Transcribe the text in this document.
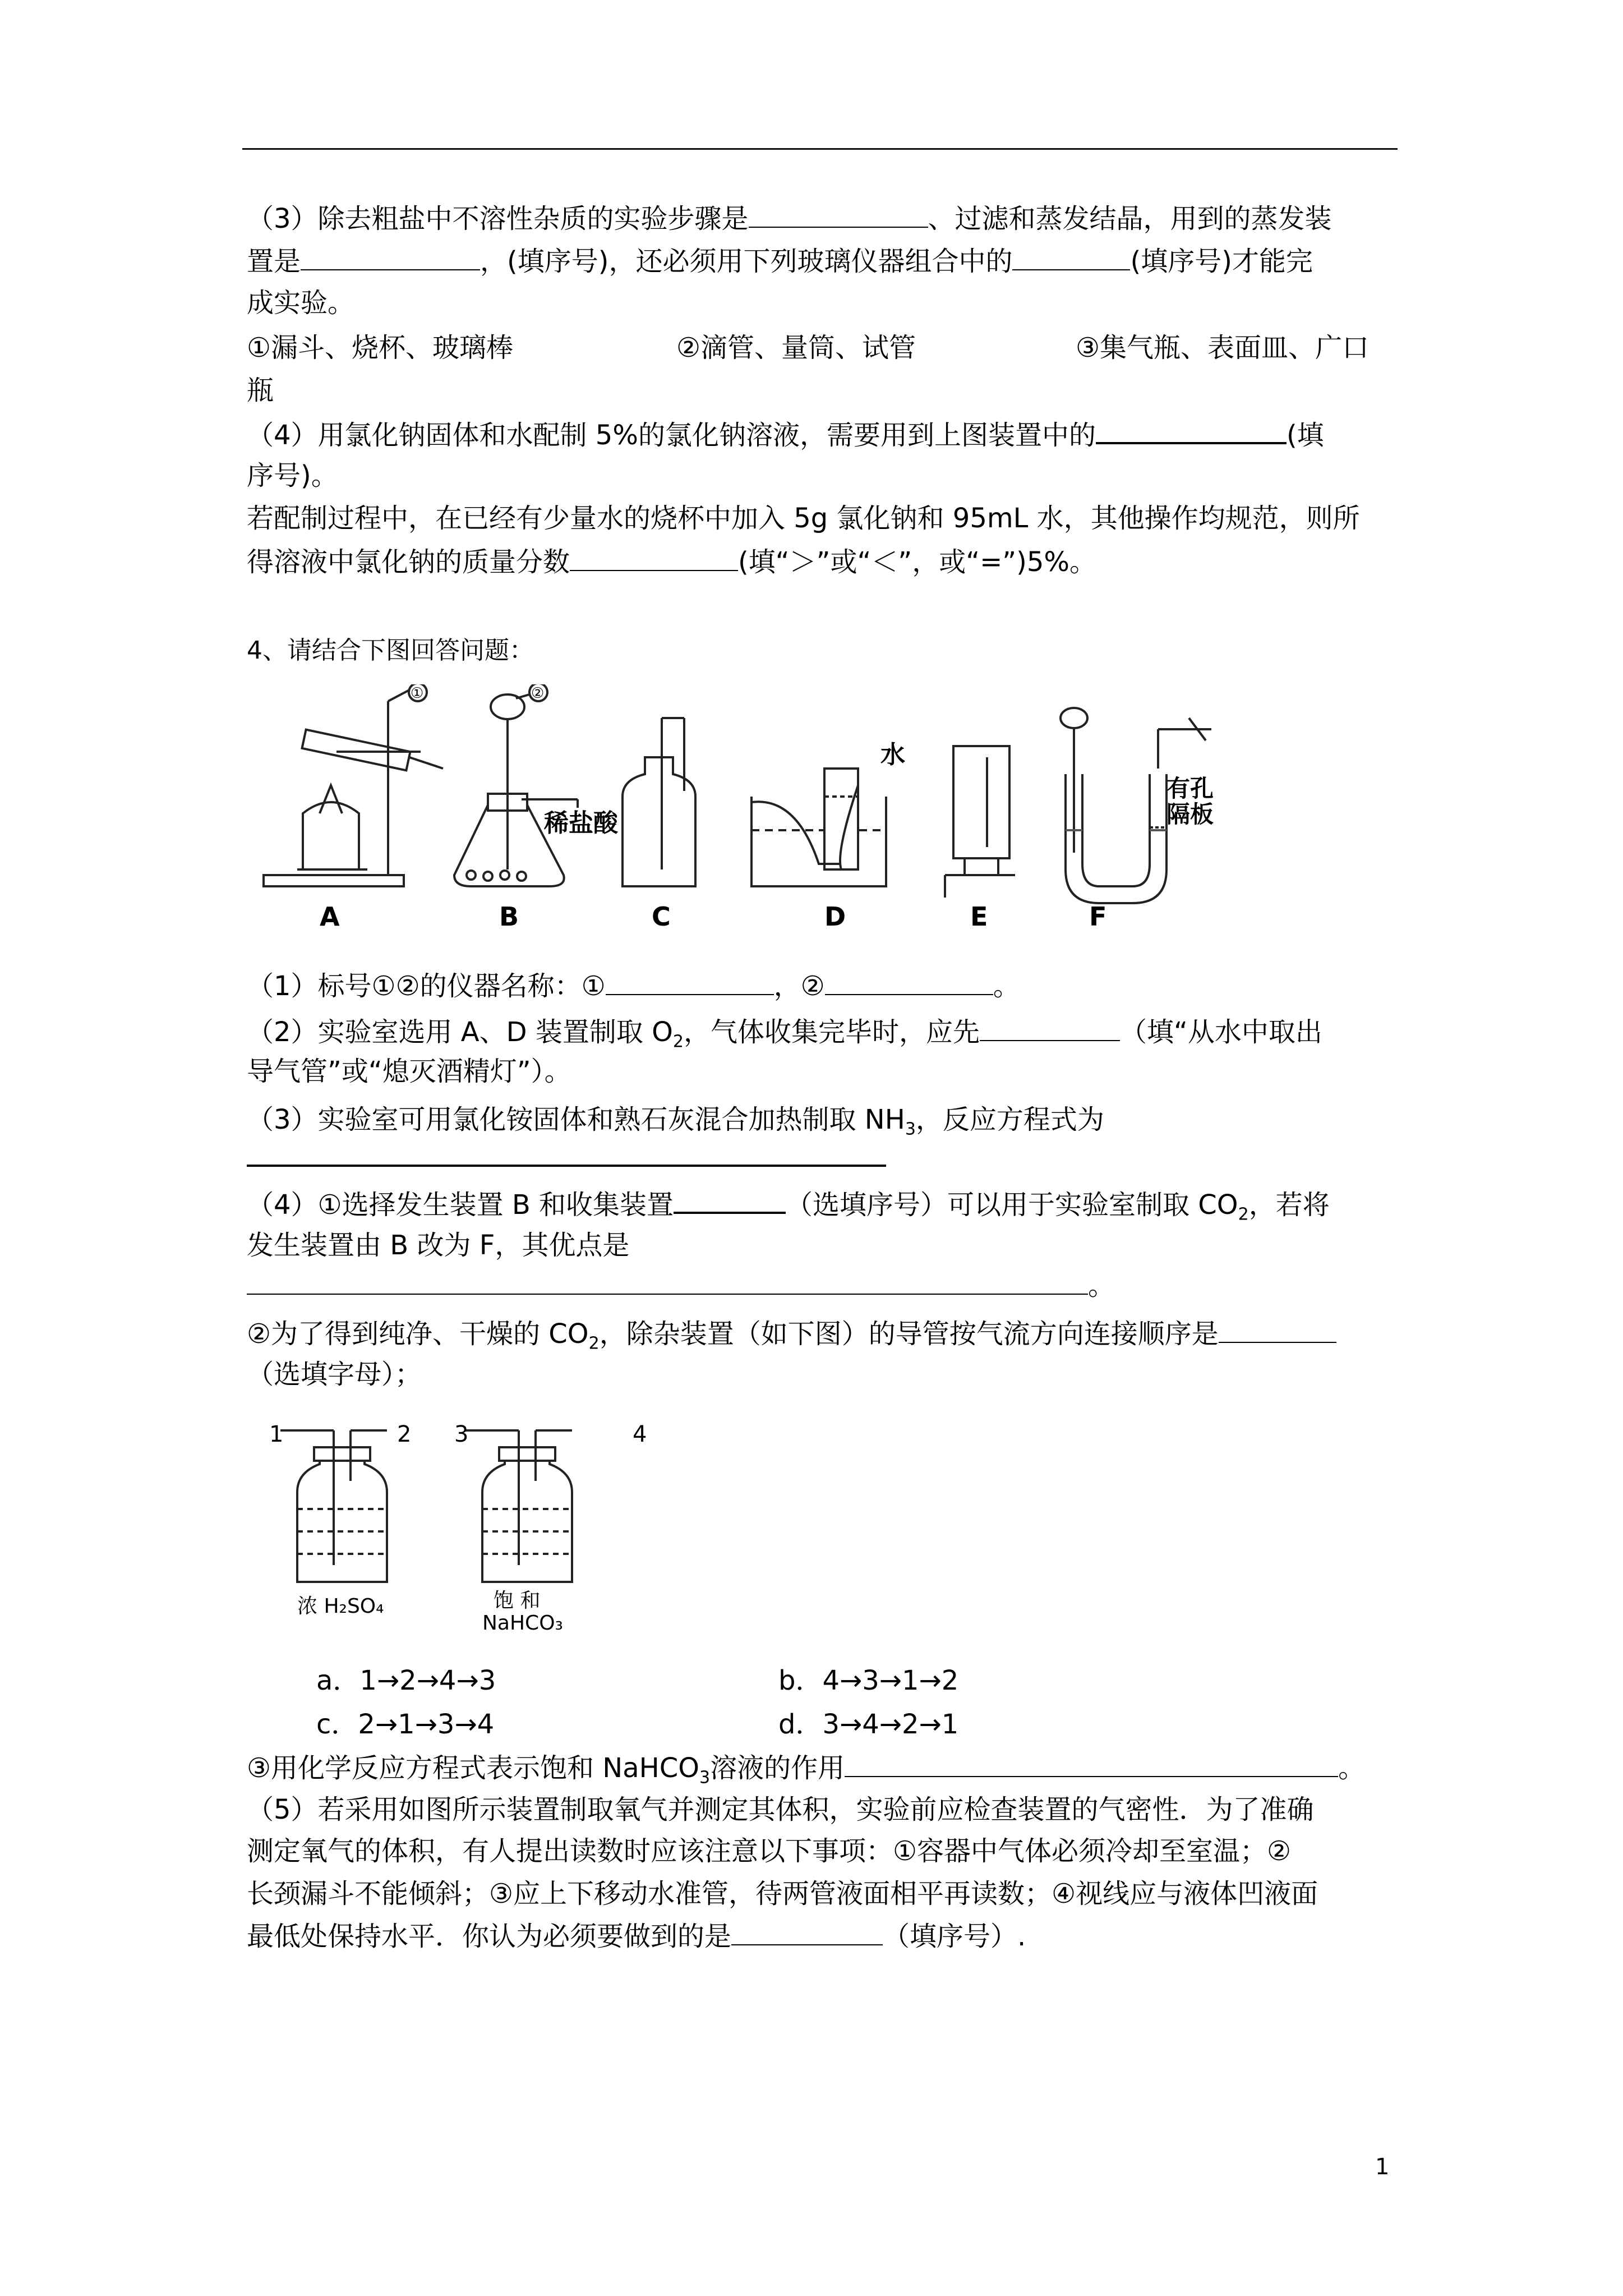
（3）除去粗盐中不溶性杂质的实验步骤是	、过滤和蒸发结晶，用到的蒸发装
置是	，(填序号)，还必须用下列玻璃仪器组合中的	(填序号)才能完
成实验。
①漏斗、烧杯、玻璃棒	②滴管、量筒、试管	③集气瓶、表面皿、广口
瓶
（4）用氯化钠固体和水配制 5%的氯化钠溶液，需要用到上图装置中的	(填
序号)。
若配制过程中，在已经有少量水的烧杯中加入 5g 氯化钠和 95mL 水，其他操作均规范，则所
得溶液中氯化钠的质量分数	(填“＞”或“＜”，或“=”)5%。
4、请结合下图回答问题：
A	B	C	D	E	F
①	②
稀盐酸
水
有孔
隔板
（1）标号①②的仪器名称：①	，②	。
（2）实验室选用 A、D 装置制取 $O_2$，气体收集完毕时，应先	（填“从水中取出
导气管”或“熄灭酒精灯”）。
（3）实验室可用氯化铵固体和熟石灰混合加热制取 $NH_3$，反应方程式为
（4）①选择发生装置 B 和收集装置	（选填序号）可以用于实验室制取 $CO_2$，若将
发生装置由 B 改为 F，其优点是
。
②为了得到纯净、干燥的 $CO_2$，除杂装置（如下图）的导管按气流方向连接顺序是
（选填字母）；
1	2 3	4
浓 H₂SO₄	饱 和
NaHCO₃
a．1→2→4→3	b．4→3→1→2
c．2→1→3→4	d．3→4→2→1
③用化学反应方程式表示饱和 NaHCO$_3$溶液的作用	。
（5）若采用如图所示装置制取氧气并测定其体积，实验前应检查装置的气密性．为了准确
测定氧气的体积，有人提出读数时应该注意以下事项：①容器中气体必须冷却至室温；②
长颈漏斗不能倾斜；③应上下移动水准管，待两管液面相平再读数；④视线应与液体凹液面
最低处保持水平．你认为必须要做到的是	（填序号）.
1
